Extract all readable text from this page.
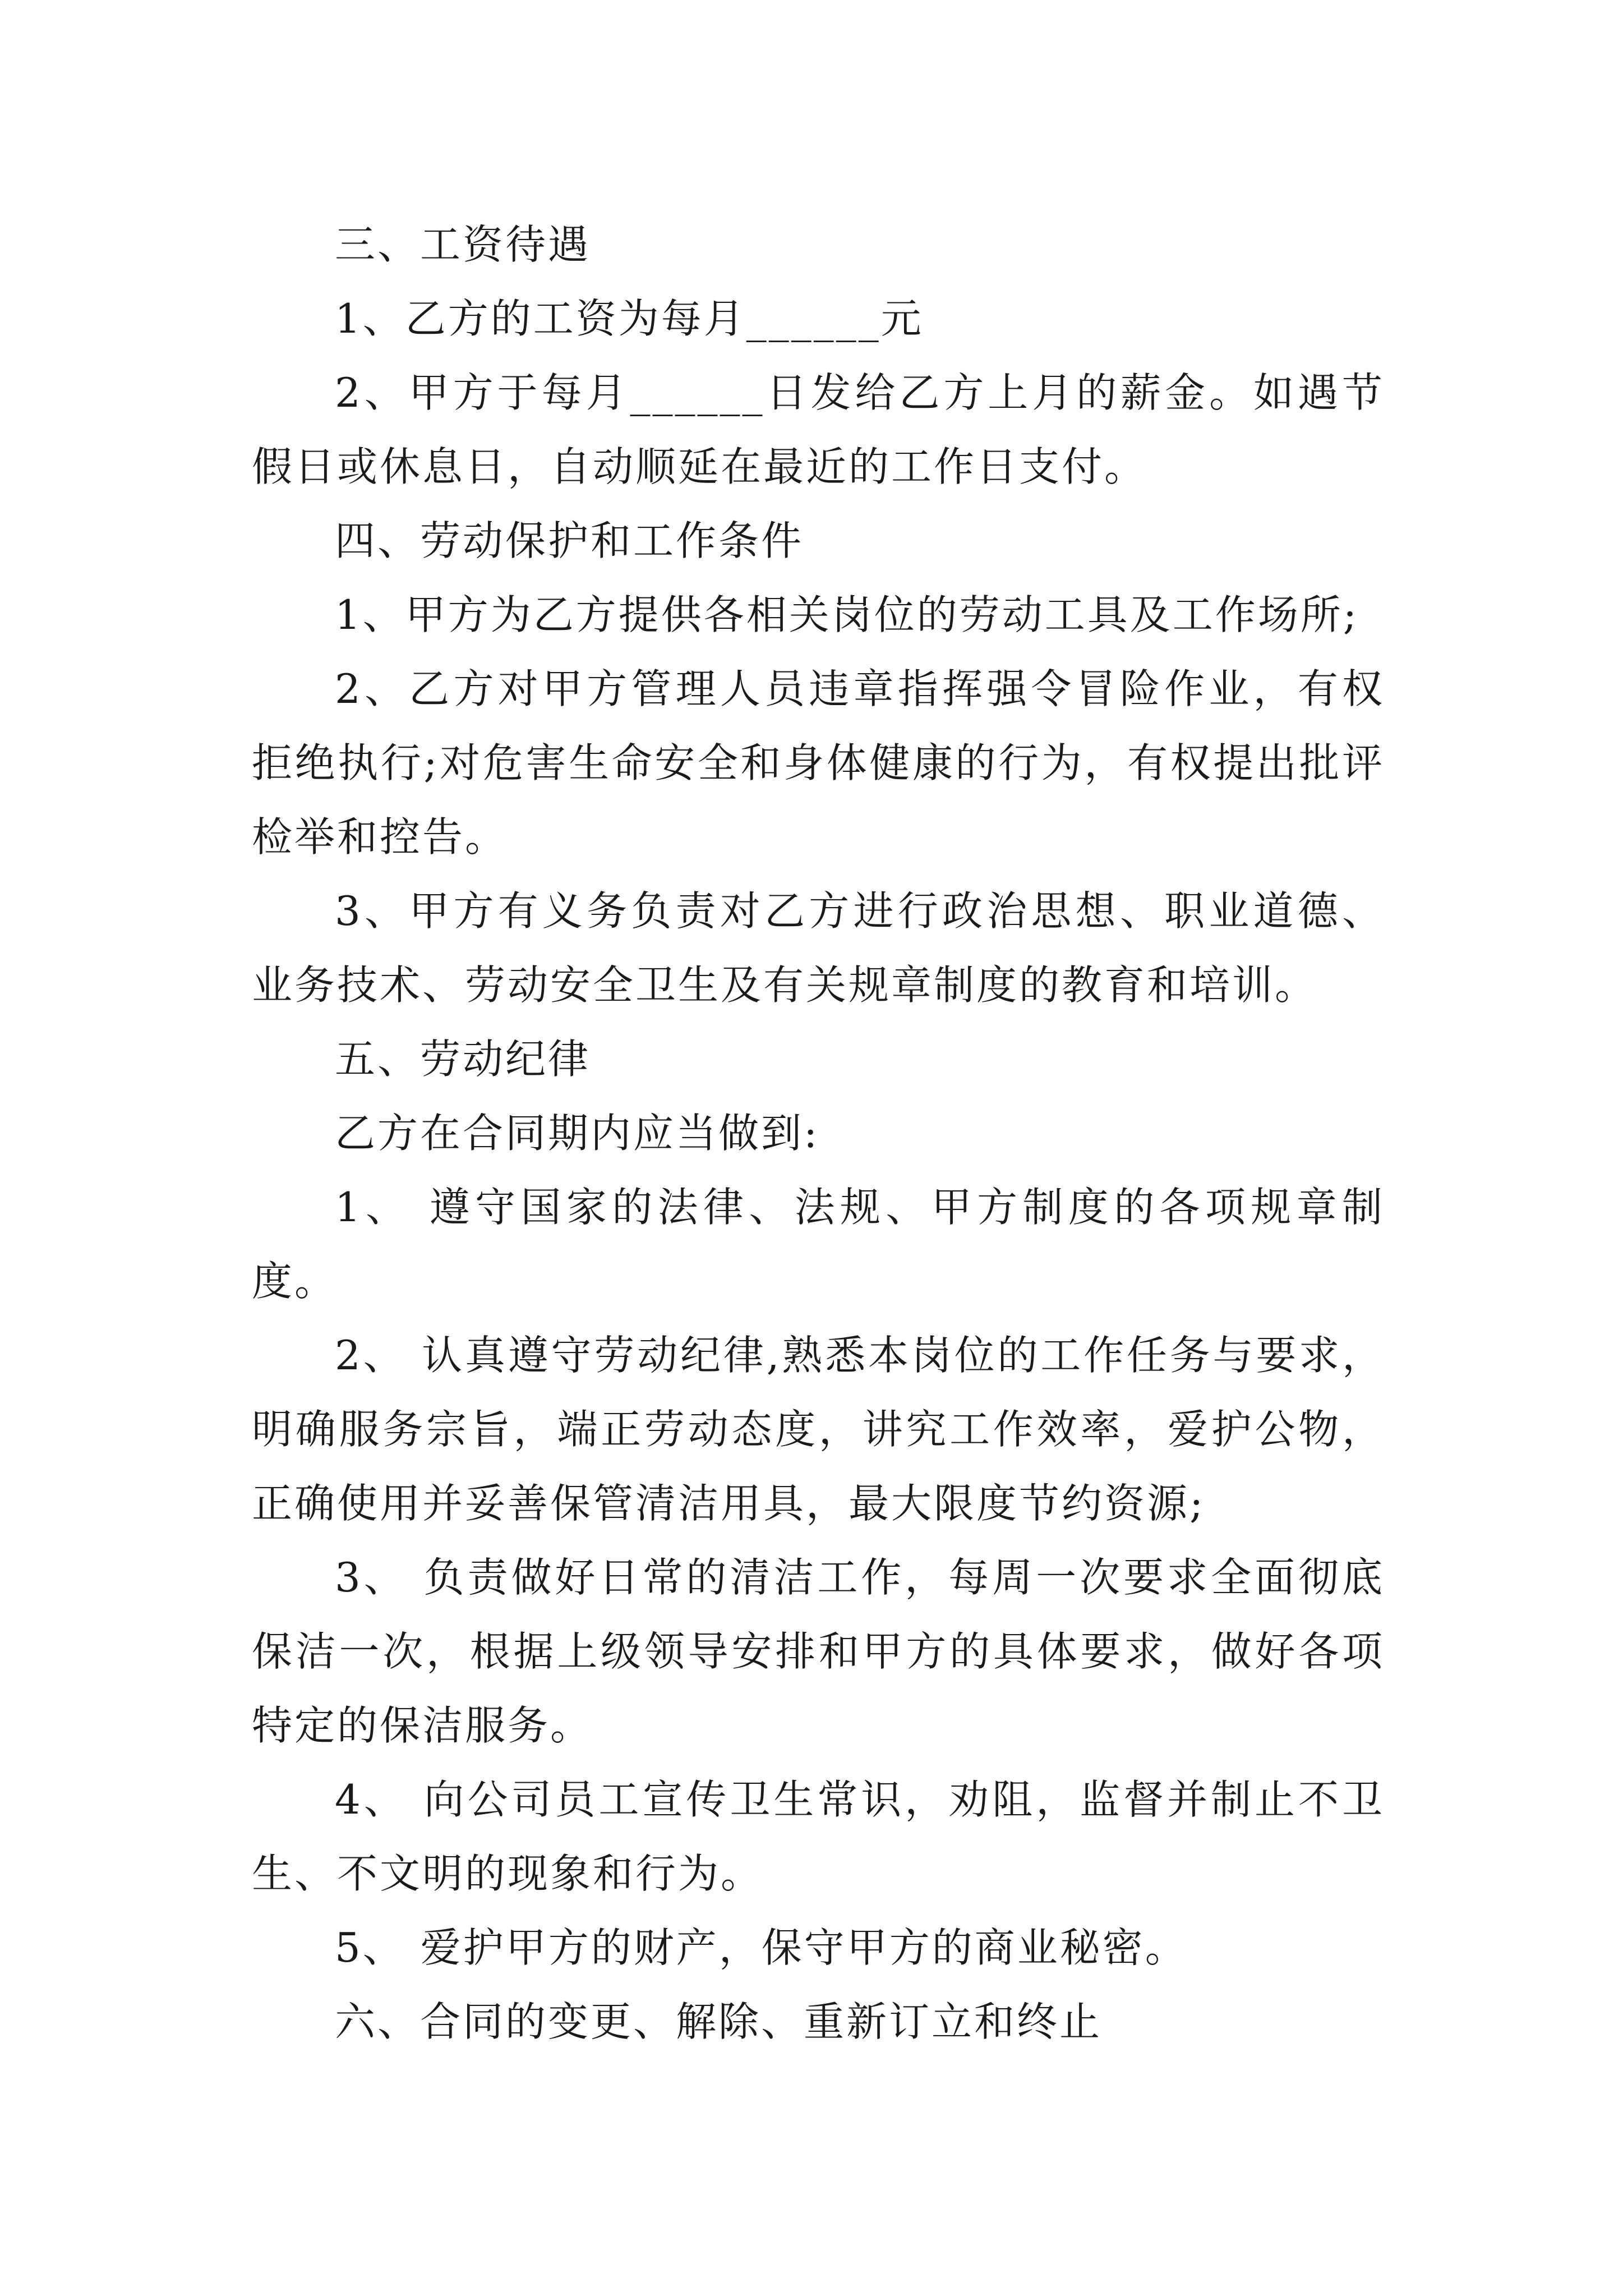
三、工资待遇

1、乙方的工资为每月______元

2、甲方于每月______日发给乙方上月的薪金。如遇节假日或休息日，自动顺延在最近的工作日支付。

四、劳动保护和工作条件

1、甲方为乙方提供各相关岗位的劳动工具及工作场所;

2、乙方对甲方管理人员违章指挥强令冒险作业，有权拒绝执行;对危害生命安全和身体健康的行为，有权提出批评检举和控告。

3、甲方有义务负责对乙方进行政治思想、职业道德、业务技术、劳动安全卫生及有关规章制度的教育和培训。

五、劳动纪律

乙方在合同期内应当做到:

1、 遵守国家的法律、法规、甲方制度的各项规章制度。

2、 认真遵守劳动纪律,熟悉本岗位的工作任务与要求，明确服务宗旨，端正劳动态度，讲究工作效率，爱护公物，正确使用并妥善保管清洁用具，最大限度节约资源;

3、 负责做好日常的清洁工作，每周一次要求全面彻底保洁一次，根据上级领导安排和甲方的具体要求，做好各项特定的保洁服务。

4、 向公司员工宣传卫生常识，劝阻，监督并制止不卫生、不文明的现象和行为。

5、 爱护甲方的财产，保守甲方的商业秘密。

六、合同的变更、解除、重新订立和终止
